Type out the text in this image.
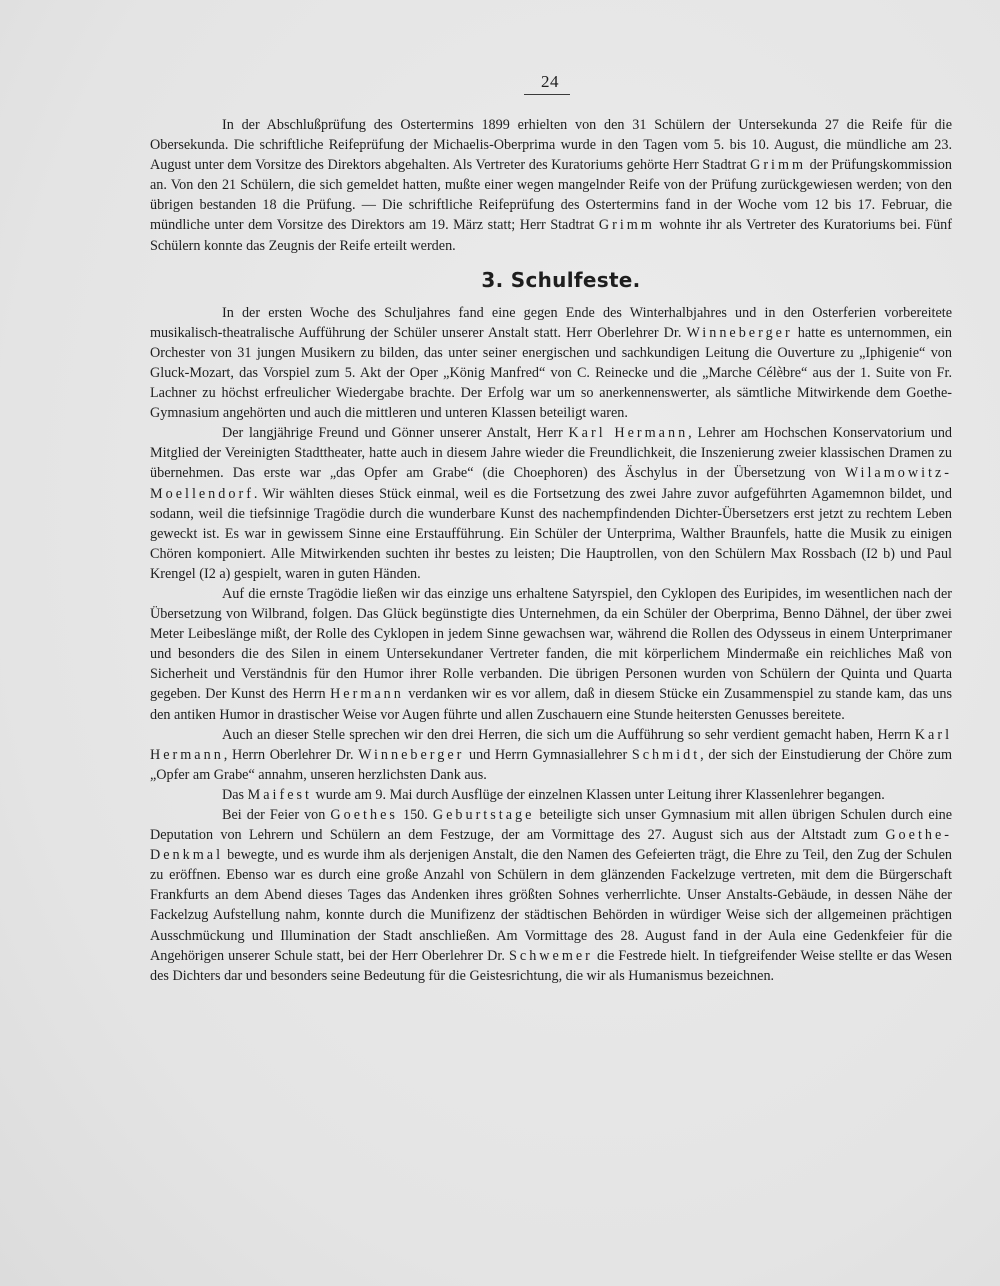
24

In der Abschlußprüfung des Ostertermins 1899 erhielten von den 31 Schülern der Untersekunda 27 die Reife für die Obersekunda. Die schriftliche Reifeprüfung der Michaelis-Oberprima wurde in den Tagen vom 5. bis 10. August, die mündliche am 23. August unter dem Vorsitze des Direktors abgehalten. Als Vertreter des Kuratoriums gehörte Herr Stadtrat Grimm der Prüfungskommission an. Von den 21 Schülern, die sich gemeldet hatten, mußte einer wegen mangelnder Reife von der Prüfung zurückgewiesen werden; von den übrigen bestanden 18 die Prüfung. — Die schriftliche Reifeprüfung des Ostertermins fand in der Woche vom 12 bis 17. Februar, die mündliche unter dem Vorsitze des Direktors am 19. März statt; Herr Stadtrat Grimm wohnte ihr als Vertreter des Kuratoriums bei. Fünf Schülern konnte das Zeugnis der Reife erteilt werden.

3. Schulfeste.

In der ersten Woche des Schuljahres fand eine gegen Ende des Winterhalbjahres und in den Osterferien vorbereitete musikalisch-theatralische Aufführung der Schüler unserer Anstalt statt. Herr Oberlehrer Dr. Winneberger hatte es unternommen, ein Orchester von 31 jungen Musikern zu bilden, das unter seiner energischen und sachkundigen Leitung die Ouverture zu „Iphigenie“ von Gluck-Mozart, das Vorspiel zum 5. Akt der Oper „König Manfred“ von C. Reinecke und die „Marche Célèbre“ aus der 1. Suite von Fr. Lachner zu höchst erfreulicher Wiedergabe brachte. Der Erfolg war um so anerkennenswerter, als sämtliche Mitwirkende dem Goethe-Gymnasium angehörten und auch die mittleren und unteren Klassen beteiligt waren.

Der langjährige Freund und Gönner unserer Anstalt, Herr Karl Hermann, Lehrer am Hochschen Konservatorium und Mitglied der Vereinigten Stadttheater, hatte auch in diesem Jahre wieder die Freundlichkeit, die Inszenierung zweier klassischen Dramen zu übernehmen. Das erste war „das Opfer am Grabe“ (die Choephoren) des Äschylus in der Übersetzung von Wilamowitz-Moellendorf. Wir wählten dieses Stück einmal, weil es die Fortsetzung des zwei Jahre zuvor aufgeführten Agamemnon bildet, und sodann, weil die tiefsinnige Tragödie durch die wunderbare Kunst des nachempfindenden Dichter-Übersetzers erst jetzt zu rechtem Leben geweckt ist. Es war in gewissem Sinne eine Erstaufführung. Ein Schüler der Unterprima, Walther Braunfels, hatte die Musik zu einigen Chören komponiert. Alle Mitwirkenden suchten ihr bestes zu leisten; Die Hauptrollen, von den Schülern Max Rossbach (I2 b) und Paul Krengel (I2 a) gespielt, waren in guten Händen.

Auf die ernste Tragödie ließen wir das einzige uns erhaltene Satyrspiel, den Cyklopen des Euripides, im wesentlichen nach der Übersetzung von Wilbrand, folgen. Das Glück begünstigte dies Unternehmen, da ein Schüler der Oberprima, Benno Dähnel, der über zwei Meter Leibeslänge mißt, der Rolle des Cyklopen in jedem Sinne gewachsen war, während die Rollen des Odysseus in einem Unterprimaner und besonders die des Silen in einem Untersekundaner Vertreter fanden, die mit körperlichem Mindermaße ein reichliches Maß von Sicherheit und Verständnis für den Humor ihrer Rolle verbanden. Die übrigen Personen wurden von Schülern der Quinta und Quarta gegeben. Der Kunst des Herrn Hermann verdanken wir es vor allem, daß in diesem Stücke ein Zusammenspiel zu stande kam, das uns den antiken Humor in drastischer Weise vor Augen führte und allen Zuschauern eine Stunde heitersten Genusses bereitete.

Auch an dieser Stelle sprechen wir den drei Herren, die sich um die Aufführung so sehr verdient gemacht haben, Herrn Karl Hermann, Herrn Oberlehrer Dr. Winneberger und Herrn Gymnasiallehrer Schmidt, der sich der Einstudierung der Chöre zum „Opfer am Grabe“ annahm, unseren herzlichsten Dank aus.

Das Maifest wurde am 9. Mai durch Ausflüge der einzelnen Klassen unter Leitung ihrer Klassenlehrer begangen.

Bei der Feier von Goethes 150. Geburtstage beteiligte sich unser Gymnasium mit allen übrigen Schulen durch eine Deputation von Lehrern und Schülern an dem Festzuge, der am Vormittage des 27. August sich aus der Altstadt zum Goethe-Denkmal bewegte, und es wurde ihm als derjenigen Anstalt, die den Namen des Gefeierten trägt, die Ehre zu Teil, den Zug der Schulen zu eröffnen. Ebenso war es durch eine große Anzahl von Schülern in dem glänzenden Fackelzuge vertreten, mit dem die Bürgerschaft Frankfurts an dem Abend dieses Tages das Andenken ihres größten Sohnes verherrlichte. Unser Anstalts-Gebäude, in dessen Nähe der Fackelzug Aufstellung nahm, konnte durch die Munifizenz der städtischen Behörden in würdiger Weise sich der allgemeinen prächtigen Ausschmückung und Illumination der Stadt anschließen. Am Vormittage des 28. August fand in der Aula eine Gedenkfeier für die Angehörigen unserer Schule statt, bei der Herr Oberlehrer Dr. Schwemer die Festrede hielt. In tiefgreifender Weise stellte er das Wesen des Dichters dar und besonders seine Bedeutung für die Geistesrichtung, die wir als Humanismus bezeichnen.
